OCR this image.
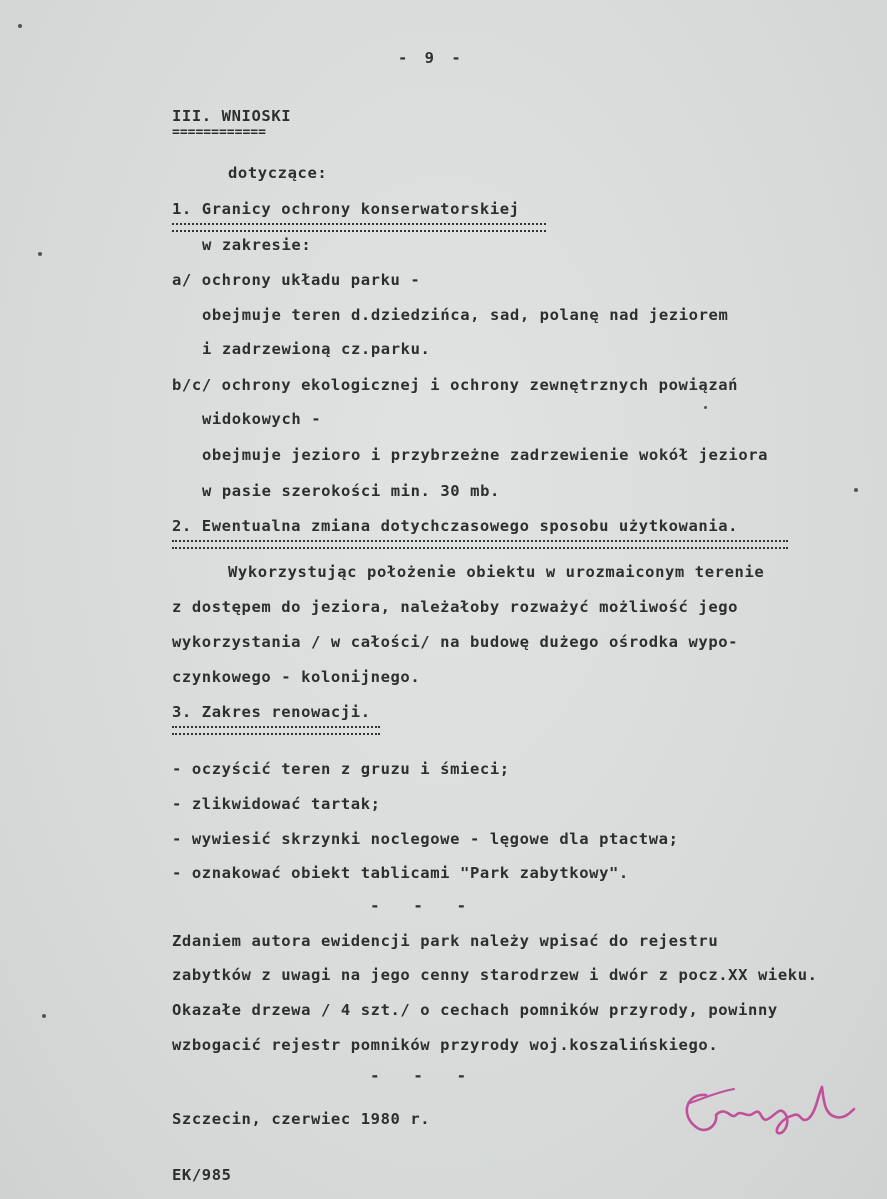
- 9 -
III. WNIOSKI
============
dotyczące:
1. Granicy ochrony konserwatorskiej
w zakresie:
a/ ochrony układu parku -
obejmuje teren d.dziedzińca, sad, polanę nad jeziorem
i zadrzewioną cz.parku.
b/c/ ochrony ekologicznej i ochrony zewnętrznych powiązań
widokowych -
obejmuje jezioro i przybrzeżne zadrzewienie wokół jeziora
w pasie szerokości min. 30 mb.
2. Ewentualna zmiana dotychczasowego sposobu użytkowania.
Wykorzystując położenie obiektu w urozmaiconym terenie
z dostępem do jeziora, należałoby rozważyć możliwość jego
wykorzystania / w całości/ na budowę dużego ośrodka wypo-
czynkowego - kolonijnego.
3. Zakres renowacji.
- oczyścić teren z gruzu i śmieci;
- zlikwidować tartak;
- wywiesić skrzynki noclegowe - lęgowe dla ptactwa;
- oznakować obiekt tablicami "Park zabytkowy".
- - -
Zdaniem autora ewidencji park należy wpisać do rejestru
zabytków z uwagi na jego cenny starodrzew i dwór z pocz.XX wieku.
Okazałe drzewa / 4 szt./ o cechach pomników przyrody, powinny
wzbogacić rejestr pomników przyrody woj.koszalińskiego.
- - -
Szczecin, czerwiec 1980 r.
EK/985
